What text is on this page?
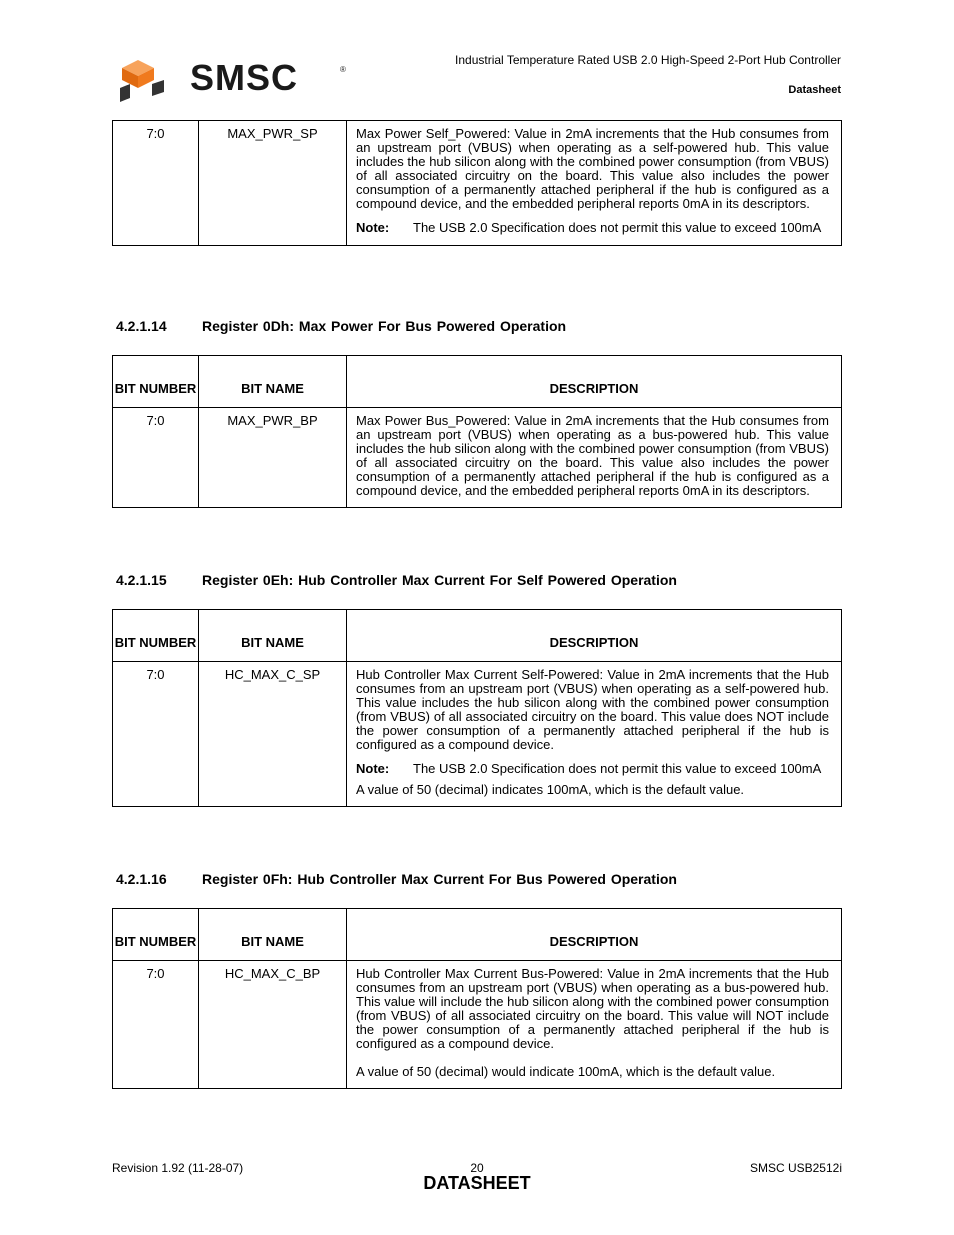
Industrial Temperature Rated USB 2.0 High-Speed 2-Port Hub Controller
Datasheet
SMSC	®
7:0	MAX_PWR_SP	Max Power Self_Powered: Value in 2mA increments that the Hub consumes from an upstream port (VBUS) when operating as a self-powered hub. This value includes the hub silicon along with the combined power consumption (from VBUS) of all associated circuitry on the board. This value also includes the power consumption of a permanently attached peripheral if the hub is configured as a compound device, and the embedded peripheral reports 0mA in its descriptors.
Note:	The USB 2.0 Specification does not permit this value to exceed 100mA
4.2.1.14	Register 0Dh: Max Power For Bus Powered Operation
BIT NUMBER	BIT NAME	DESCRIPTION
7:0	MAX_PWR_BP	Max Power Bus_Powered: Value in 2mA increments that the Hub consumes from an upstream port (VBUS) when operating as a bus-powered hub. This value includes the hub silicon along with the combined power consumption (from VBUS) of all associated circuitry on the board. This value also includes the power consumption of a permanently attached peripheral if the hub is configured as a compound device, and the embedded peripheral reports 0mA in its descriptors.
4.2.1.15	Register 0Eh: Hub Controller Max Current For Self Powered Operation
BIT NUMBER	BIT NAME	DESCRIPTION
7:0	HC_MAX_C_SP	Hub Controller Max Current Self-Powered: Value in 2mA increments that the Hub consumes from an upstream port (VBUS) when operating as a self-powered hub. This value includes the hub silicon along with the combined power consumption (from VBUS) of all associated circuitry on the board. This value does NOT include the power consumption of a permanently attached peripheral if the hub is configured as a compound device.
Note: The USB 2.0 Specification does not permit this value to exceed 100mA
A value of 50 (decimal) indicates 100mA, which is the default value.
4.2.1.16	Register 0Fh: Hub Controller Max Current For Bus Powered Operation
BIT NUMBER	BIT NAME	DESCRIPTION
7:0	HC_MAX_C_BP	Hub Controller Max Current Bus-Powered: Value in 2mA increments that the Hub consumes from an upstream port (VBUS) when operating as a bus-powered hub. This value will include the hub silicon along with the combined power consumption (from VBUS) of all associated circuitry on the board. This value will NOT include the power consumption of a permanently attached peripheral if the hub is configured as a compound device.
A value of 50 (decimal) would indicate 100mA, which is the default value.
Revision 1.92 (11-28-07)	20	SMSC USB2512i
DATASHEET
